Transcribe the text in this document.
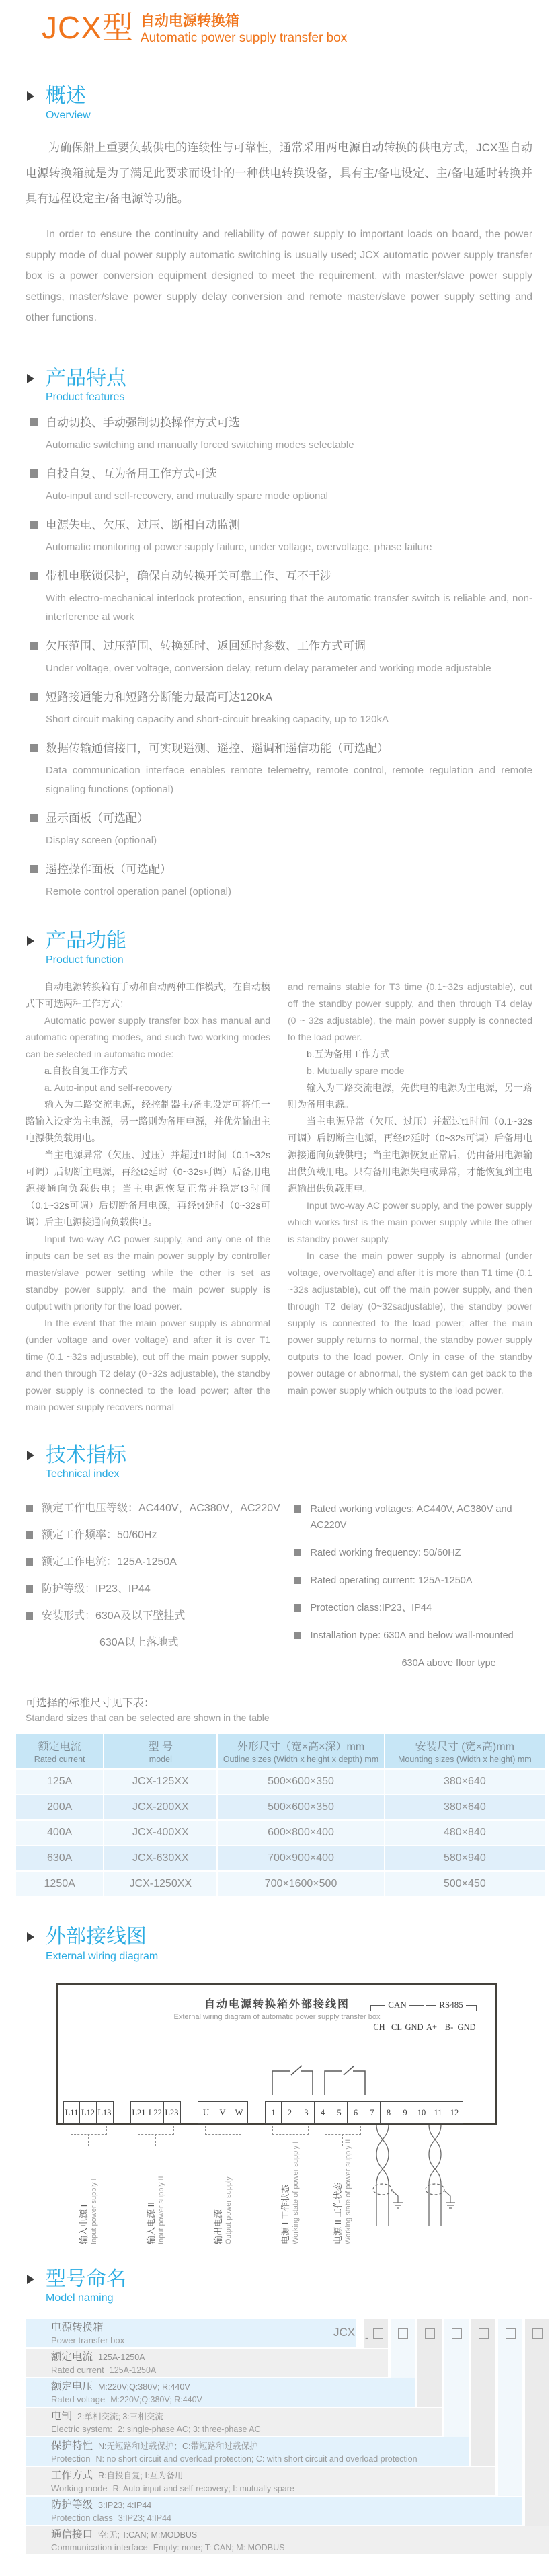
JCX型 自动电源转换箱
Automatic power supply transfer box
概述
Overview

为确保船上重要负载供电的连续性与可靠性，通常采用两电源自动转换的供电方式，JCX型自动电源转换箱就是为了满足此要求而设计的一种供电转换设备，具有主/备电设定、主/备电延时转换并具有远程设定主/备电源等功能。

In order to ensure the continuity and reliability of power supply to important loads on board, the power supply mode of dual power supply automatic switching is usually used; JCX automatic power supply transfer box is a power conversion equipment designed to meet the requirement, with master/slave power supply settings, master/slave power supply delay conversion and remote master/slave power supply setting and other functions.

产品特点
Product features
自动切换、手动强制切换操作方式可选
Automatic switching and manually forced switching modes selectable
自投自复、互为备用工作方式可选
Auto-input and self-recovery, and mutually spare mode optional
电源失电、欠压、过压、断相自动监测
Automatic monitoring of power supply failure, under voltage, overvoltage, phase failure
带机电联锁保护，确保自动转换开关可靠工作、互不干涉
With electro-mechanical interlock protection, ensuring that the automatic transfer switch is reliable and, non-interference at work
欠压范围、过压范围、转换延时、返回延时参数、工作方式可调
Under voltage, over voltage, conversion delay, return delay parameter and working mode adjustable
短路接通能力和短路分断能力最高可达120kA
Short circuit making capacity and short-circuit breaking capacity, up to 120kA
数据传输通信接口，可实现遥测、遥控、遥调和遥信功能（可选配）
Data communication interface enables remote telemetry, remote control, remote regulation and remote signaling functions (optional)
显示面板（可选配）
Display screen (optional)
遥控操作面板（可选配）
Remote control operation panel (optional)
产品功能
Product function

自动电源转换箱有手动和自动两种工作模式，在自动模式下可选两种工作方式：

Automatic power supply transfer box has manual and automatic operating modes, and such two working modes can be selected in automatic mode:

a.自投自复工作方式

a. Auto-input and self-recovery

输入为二路交流电源，经控制器主/备电设定可将任一路输入设定为主电源，另一路则为备用电源，并优先输出主电源供负载用电。

当主电源异常（欠压、过压）并超过t1时间（0.1~32s可调）后切断主电源，再经t2延时（0~32s可调）后备用电源接通向负载供电；当主电源恢复正常并稳定t3时间（0.1~32s可调）后切断备用电源，再经t4延时（0~32s可调）后主电源接通向负载供电。

Input two-way AC power supply, and any one of the inputs can be set as the main power supply by controller master/slave power setting while the other is set as standby power supply, and the main power supply is output with priority for the load power.

In the event that the main power supply is abnormal (under voltage and over voltage) and after it is over T1 time (0.1 ~32s adjustable), cut off the main power supply, and then through T2 delay (0~32s adjustable), the standby power supply is connected to the load power; after the main power supply recovers normal

and remains stable for T3 time (0.1~32s adjustable), cut off the standby power supply, and then through T4 delay (0 ~ 32s adjustable), the main power supply is connected to the load power.

b.互为备用工作方式

b. Mutually spare mode

输入为二路交流电源，先供电的电源为主电源，另一路则为备用电源。

当主电源异常（欠压、过压）并超过t1时间（0.1~32s可调）后切断主电源，再经t2延时（0~32s可调）后备用电源接通向负载供电；当主电源恢复正常后，仍由备用电源输出供负载用电。只有备用电源失电或异常，才能恢复到主电源输出供负载用电。

Input two-way AC power supply, and the power supply which works first is the main power supply while the other is standby power supply.

In case the main power supply is abnormal (under voltage, overvoltage) and after it is more than T1 time (0.1 ~32s adjustable), cut off the main power supply, and then through T2 delay (0~32sadjustable), the standby power supply is connected to the load power; after the main power supply returns to normal, the standby power supply outputs to the load power. Only in case of the standby power outage or abnormal, the system can get back to the main power supply which outputs to the load power.

技术指标
Technical index
额定工作电压等级：AC440V，AC380V，AC220V
额定工作频率：50/60Hz
额定工作电流：125A-1250A
防护等级：IP23、IP44
安装形式：630A及以下壁挂式
630A以上落地式
Rated working voltages: AC440V, AC380V and AC220V
Rated working frequency: 50/60HZ
Rated operating current: 125A-1250A
Protection class:IP23、IP44
Installation type: 630A and below wall-mounted
630A above floor type
可选择的标准尺寸见下表：
Standard sizes that can be selected are shown in the table
额定电流
Rated current

型 号
model

外形尺寸（宽×高×深）mm
Outline sizes (Width x height x depth) mm

安装尺寸 (宽×高)mm
Mounting sizes (Width x height) mm

125A	JCX-125XX	500×600×350	380×640
200A	JCX-200XX	500×600×350	380×640
400A	JCX-400XX	600×800×400	480×840
630A	JCX-630XX	700×900×400	580×940
1250A	JCX-1250XX	700×1600×500	500×450
外部接线图
External wiring diagram
自动电源转换箱外部接线图
External wiring diagram of automatic power supply transfer box
CAN	RS485
CH CL GND A+ B- GND
L11 L12 L13 L21 L22 L23	U	V	W	1	2	3	4	5	6	7	8	9	10 11 12
输入电源 I Input power supply I	输入电源 II Input power supply II	输出电源 Output power supply	电源 I 工作状态 Working state of power supply I	电源 II 工作状态 Working state of power supply II
型号命名
Model naming
电源转换箱
Power transfer box
额定电流 125A-1250A
Rated current 125A-1250A
额定电压 M:220V;Q:380V; R:440V
Rated voltage M:220V;Q:380V; R:440V
电制 2:单相交流; 3:三相交流
Electric system: 2: single-phase AC; 3: three-phase AC
保护特性 N:无短路和过载保护；C:带短路和过载保护
Protection N: no short circuit and overload protection; C: with short circuit and overload protection
工作方式 R:自投自复; I:互为备用
Working mode R: Auto-input and self-recovery; I: mutually spare
防护等级 3:IP23; 4:IP44
Protection class 3:IP23; 4:IP44
通信接口 空:无; T:CAN; M:MODBUS
Communication interface Empty: none; T: CAN; M: MODBUS
JCX -
